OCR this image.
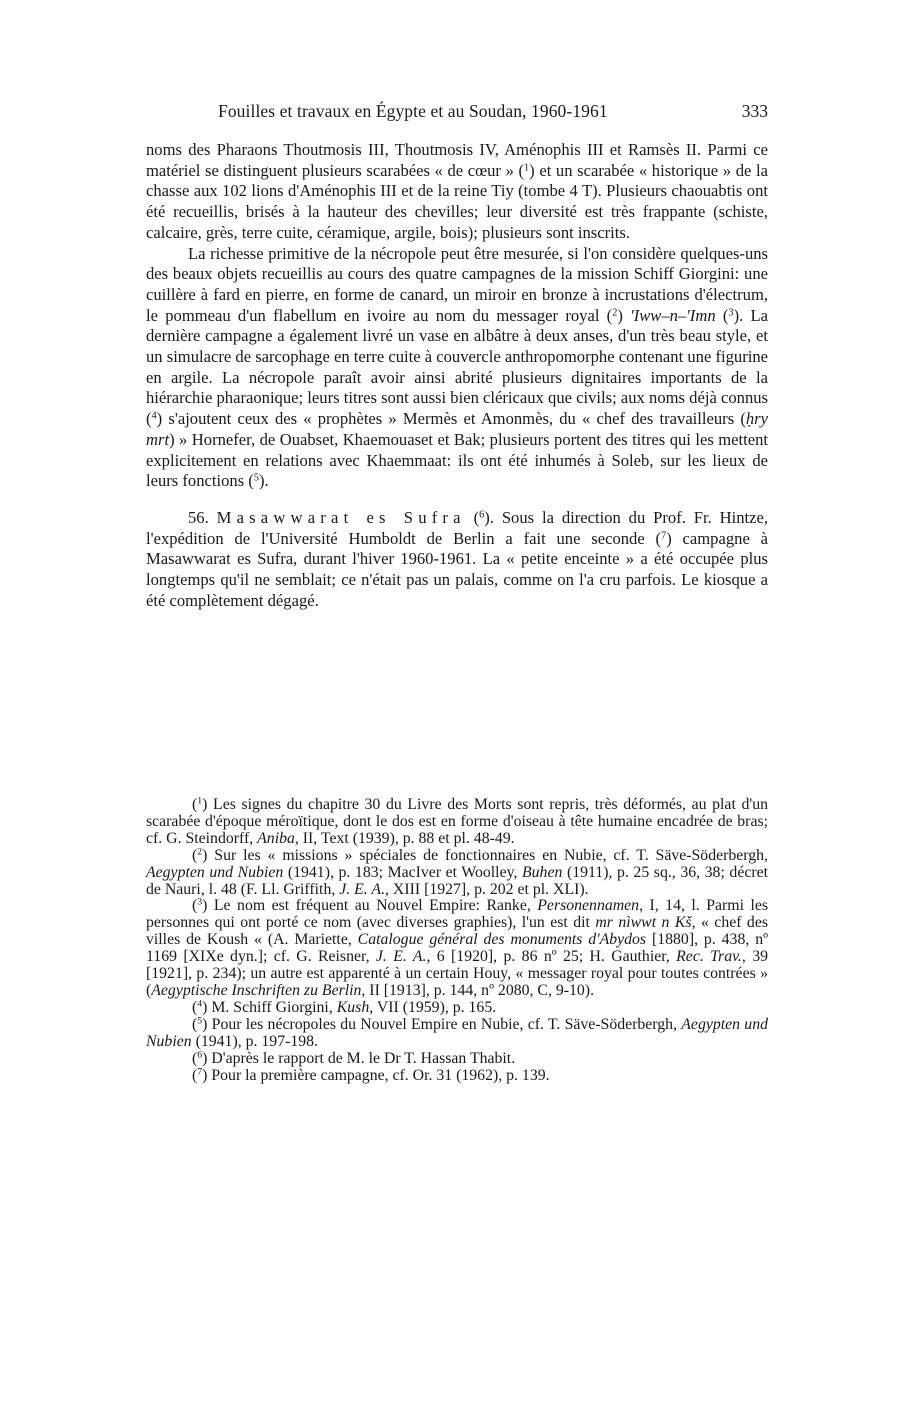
Fouilles et travaux en Égypte et au Soudan, 1960-1961	333

noms des Pharaons Thoutmosis III, Thoutmosis IV, Aménophis III et Ramsès II. Parmi ce matériel se distinguent plusieurs scarabées « de cœur » ($^1$) et un scarabée « historique » de la chasse aux 102 lions d'Aménophis III et de la reine Tiy (tombe 4 T). Plusieurs chaouabtis ont été recueillis, brisés à la hauteur des chevilles; leur diversité est très frappante (schiste, calcaire, grès, terre cuite, céramique, argile, bois); plusieurs sont inscrits.

La richesse primitive de la nécropole peut être mesurée, si l'on considère quelques-uns des beaux objets recueillis au cours des quatre campagnes de la mission Schiff Giorgini: une cuillère à fard en pierre, en forme de canard, un miroir en bronze à incrustations d'électrum, le pommeau d'un flabellum en ivoire au nom du messager royal ($^2$) 'Iww–n–'Imn ($^3$). La dernière campagne a également livré un vase en albâtre à deux anses, d'un très beau style, et un simulacre de sarcophage en terre cuite à couvercle anthropomorphe contenant une figurine en argile. La nécropole paraît avoir ainsi abrité plusieurs dignitaires importants de la hiérarchie pharaonique; leurs titres sont aussi bien cléricaux que civils; aux noms déjà connus ($^4$) s'ajoutent ceux des « prophètes » Mermès et Amonmès, du « chef des travailleurs (ḥry mrt) » Hornefer, de Ouabset, Khaemouaset et Bak; plusieurs portent des titres qui les mettent explicitement en relations avec Khaemmaat: ils ont été inhumés à Soleb, sur les lieux de leurs fonctions ($^5$).

56. Masawwarat es Sufra ($^6$). Sous la direction du Prof. Fr. Hintze, l'expédition de l'Université Humboldt de Berlin a fait une seconde ($^7$) campagne à Masawwarat es Sufra, durant l'hiver 1960-1961. La « petite enceinte » a été occupée plus longtemps qu'il ne semblait; ce n'était pas un palais, comme on l'a cru parfois. Le kiosque a été complètement dégagé.

($^1$) Les signes du chapitre 30 du Livre des Morts sont repris, très déformés, au plat d'un scarabée d'époque méroïtique, dont le dos est en forme d'oiseau à tête humaine encadrée de bras; cf. G. Steindorff, Aniba, II, Text (1939), p. 88 et pl. 48-49.

($^2$) Sur les « missions » spéciales de fonctionnaires en Nubie, cf. T. Säve-Söderbergh, Aegypten und Nubien (1941), p. 183; MacIver et Woolley, Buhen (1911), p. 25 sq., 36, 38; décret de Nauri, l. 48 (F. Ll. Griffith, J. E. A., XIII [1927], p. 202 et pl. XLI).

($^3$) Le nom est fréquent au Nouvel Empire: Ranke, Personennamen, I, 14, l. Parmi les personnes qui ont porté ce nom (avec diverses graphies), l'un est dit mr nìwwt n Kš, « chef des villes de Koush « (A. Mariette, Catalogue général des monuments d'Abydos [1880], p. 438, nº 1169 [XIXe dyn.]; cf. G. Reisner, J. E. A., 6 [1920], p. 86 nº 25; H. Gauthier, Rec. Trav., 39 [1921], p. 234); un autre est apparenté à un certain Houy, « messager royal pour toutes contrées » (Aegyptische Inschriften zu Berlin, II [1913], p. 144, nº 2080, C, 9-10).

($^4$) M. Schiff Giorgini, Kush, VII (1959), p. 165.

($^5$) Pour les nécropoles du Nouvel Empire en Nubie, cf. T. Säve-Söderbergh, Aegypten und Nubien (1941), p. 197-198.

($^6$) D'après le rapport de M. le Dr T. Hassan Thabit.

($^7$) Pour la première campagne, cf. Or. 31 (1962), p. 139.
